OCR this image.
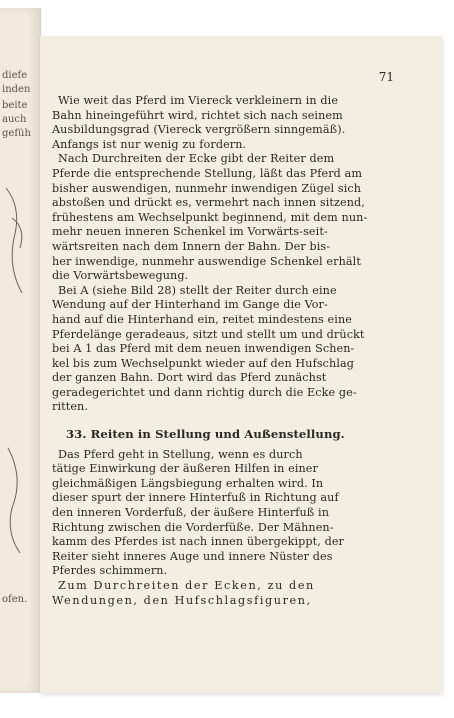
diefe
inden
beite
auch
gefüh
ofen.
71
Wie weit das Pferd im Viereck verkleinern in die
Bahn hineingeführt wird, richtet sich nach seinem
Ausbildungsgrad (Viereck vergrößern sinngemäß).
Anfangs ist nur wenig zu fordern.
Nach Durchreiten der Ecke gibt der Reiter dem
Pferde die entsprechende Stellung, läßt das Pferd am
bisher auswendigen, nunmehr inwendigen Zügel sich
abstoßen und drückt es, vermehrt nach innen sitzend,
frühestens am Wechselpunkt beginnend, mit dem nun-
mehr neuen inneren Schenkel im Vorwärts-seit-
wärtsreiten nach dem Innern der Bahn. Der bis-
her inwendige, nunmehr auswendige Schenkel erhält
die Vorwärtsbewegung.
Bei A (siehe Bild 28) stellt der Reiter durch eine
Wendung auf der Hinterhand im Gange die Vor-
hand auf die Hinterhand ein, reitet mindestens eine
Pferdelänge geradeaus, sitzt und stellt um und drückt
bei A 1 das Pferd mit dem neuen inwendigen Schen-
kel bis zum Wechselpunkt wieder auf den Hufschlag
der ganzen Bahn. Dort wird das Pferd zunächst
geradegerichtet und dann richtig durch die Ecke ge-
ritten.
33. Reiten in Stellung und Außenstellung.
Das Pferd geht in Stellung, wenn es durch
tätige Einwirkung der äußeren Hilfen in einer
gleichmäßigen Längsbiegung erhalten wird. In
dieser spurt der innere Hinterfuß in Richtung auf
den inneren Vorderfuß, der äußere Hinterfuß in
Richtung zwischen die Vorderfüße. Der Mähnen-
kamm des Pferdes ist nach innen übergekippt, der
Reiter sieht inneres Auge und innere Nüster des
Pferdes schimmern.
Zum Durchreiten der Ecken, zu den
Wendungen, den Hufschlagsfiguren,
